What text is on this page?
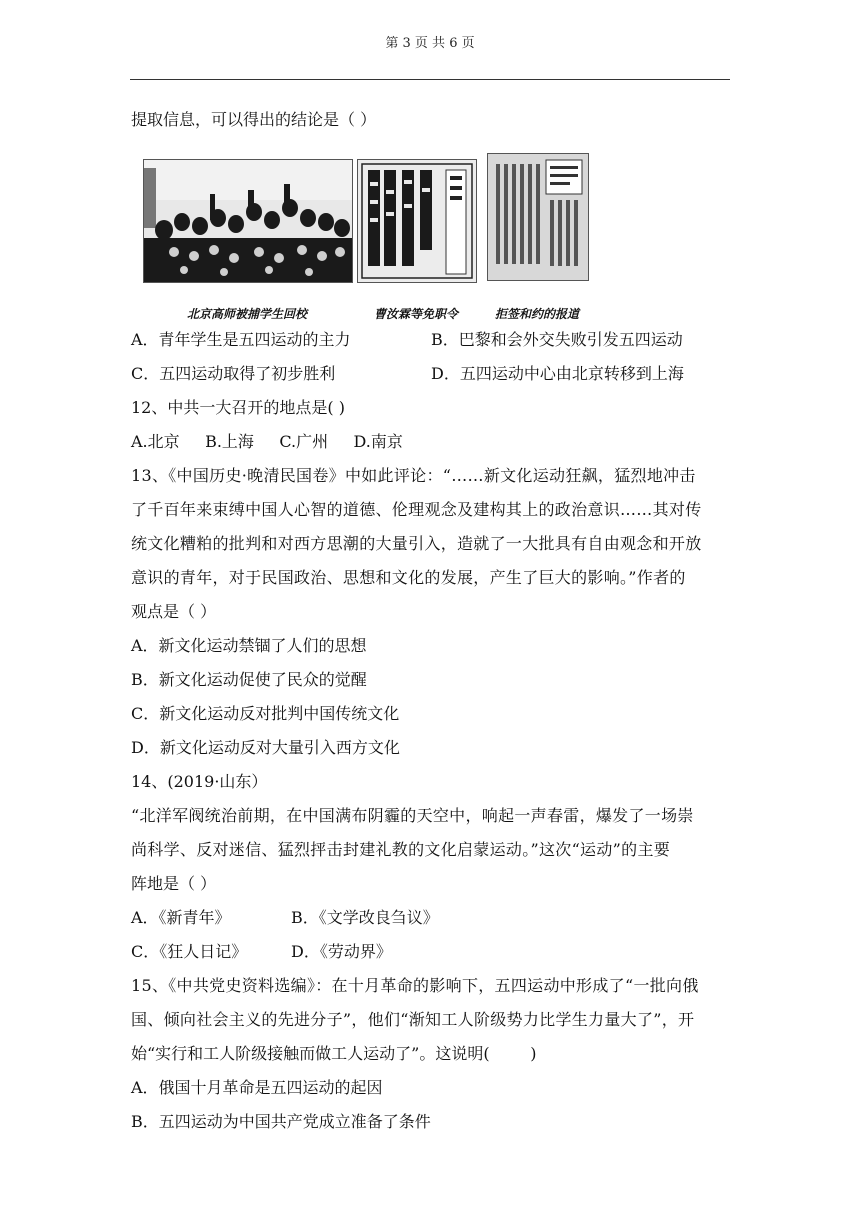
第 3 页 共 6 页
提取信息，可以得出的结论是（ ）
北京高师被捕学生回校	曹汝霖等免职令	拒签和约的报道
A．青年学生是五四运动的主力	B．巴黎和会外交失败引发五四运动
C．五四运动取得了初步胜利	D．五四运动中心由北京转移到上海
12、中共一大召开的地点是( )
A.北京     B.上海     C.广州     D.南京
13、《中国历史·晚清民国卷》中如此评论：“……新文化运动狂飙，猛烈地冲击
了千百年来束缚中国人心智的道德、伦理观念及建构其上的政治意识……其对传
统文化糟粕的批判和对西方思潮的大量引入，造就了一大批具有自由观念和开放
意识的青年，对于民国政治、思想和文化的发展，产生了巨大的影响。”作者的
观点是（ ）
A．新文化运动禁锢了人们的思想
B．新文化运动促使了民众的觉醒
C．新文化运动反对批判中国传统文化
D．新文化运动反对大量引入西方文化
14、(2019·山东）
“北洋军阀统治前期，在中国满布阴霾的天空中，响起一声春雷，爆发了一场崇
尚科学、反对迷信、猛烈抨击封建礼教的文化启蒙运动。”这次“运动”的主要
阵地是（ ）
A．《新青年》	B．《文学改良刍议》
C．《狂人日记》	D．《劳动界》
15、《中共党史资料选编》：在十月革命的影响下，五四运动中形成了“一批向俄
国、倾向社会主义的先进分子”，他们“渐知工人阶级势力比学生力量大了”，开
始“实行和工人阶级接触而做工人运动了”。这说明(        )
A．俄国十月革命是五四运动的起因
B．五四运动为中国共产党成立准备了条件
